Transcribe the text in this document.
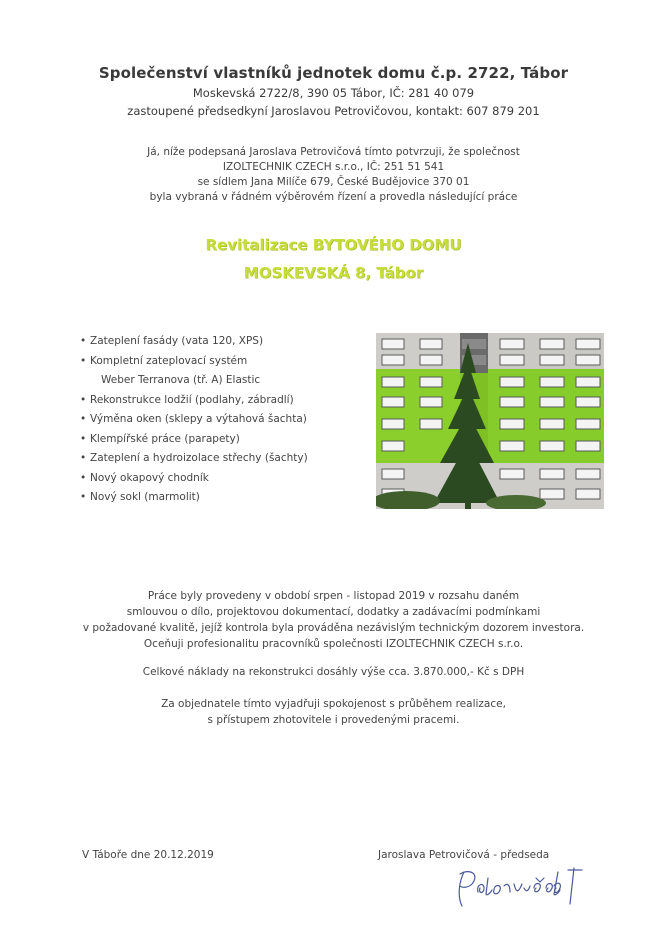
Společenství vlastníků jednotek domu č.p. 2722, Tábor
Moskevská 2722/8, 390 05 Tábor, IČ: 281 40 079
zastoupené předsedkyní Jaroslavou Petrovičovou, kontakt: 607 879 201
Já, níže podepsaná Jaroslava Petrovičová tímto potvrzuji, že společnost
IZOLTECHNIK CZECH s.r.o., IČ: 251 51 541
se sídlem Jana Milíče 679, České Budějovice 370 01
byla vybraná v řádném výběrovém řízení a provedla následující práce
Revitalizace BYTOVÉHO DOMU
MOSKEVSKÁ 8, Tábor
• Zateplení fasády (vata 120, XPS)
• Kompletní zateplovací systém
Weber Terranova (tř. A) Elastic
• Rekonstrukce lodžií (podlahy, zábradlí)
• Výměna oken (sklepy a výtahová šachta)
• Klempířské práce (parapety)
• Zateplení a hydroizolace střechy (šachty)
• Nový okapový chodník
• Nový sokl (marmolit)
Práce byly provedeny v období srpen - listopad 2019 v rozsahu daném
smlouvou o dílo, projektovou dokumentací, dodatky a zadávacími podmínkami
v požadované kvalitě, jejíž kontrola byla prováděna nezávislým technickým dozorem investora.
Oceňuji profesionalitu pracovníků společnosti IZOLTECHNIK CZECH s.r.o.
Celkové náklady na rekonstrukci dosáhly výše cca. 3.870.000,- Kč s DPH
Za objednatele tímto vyjadřuji spokojenost s průběhem realizace,
s přístupem zhotovitele i provedenými pracemi.
V Táboře dne 20.12.2019	Jaroslava Petrovičová - předseda
